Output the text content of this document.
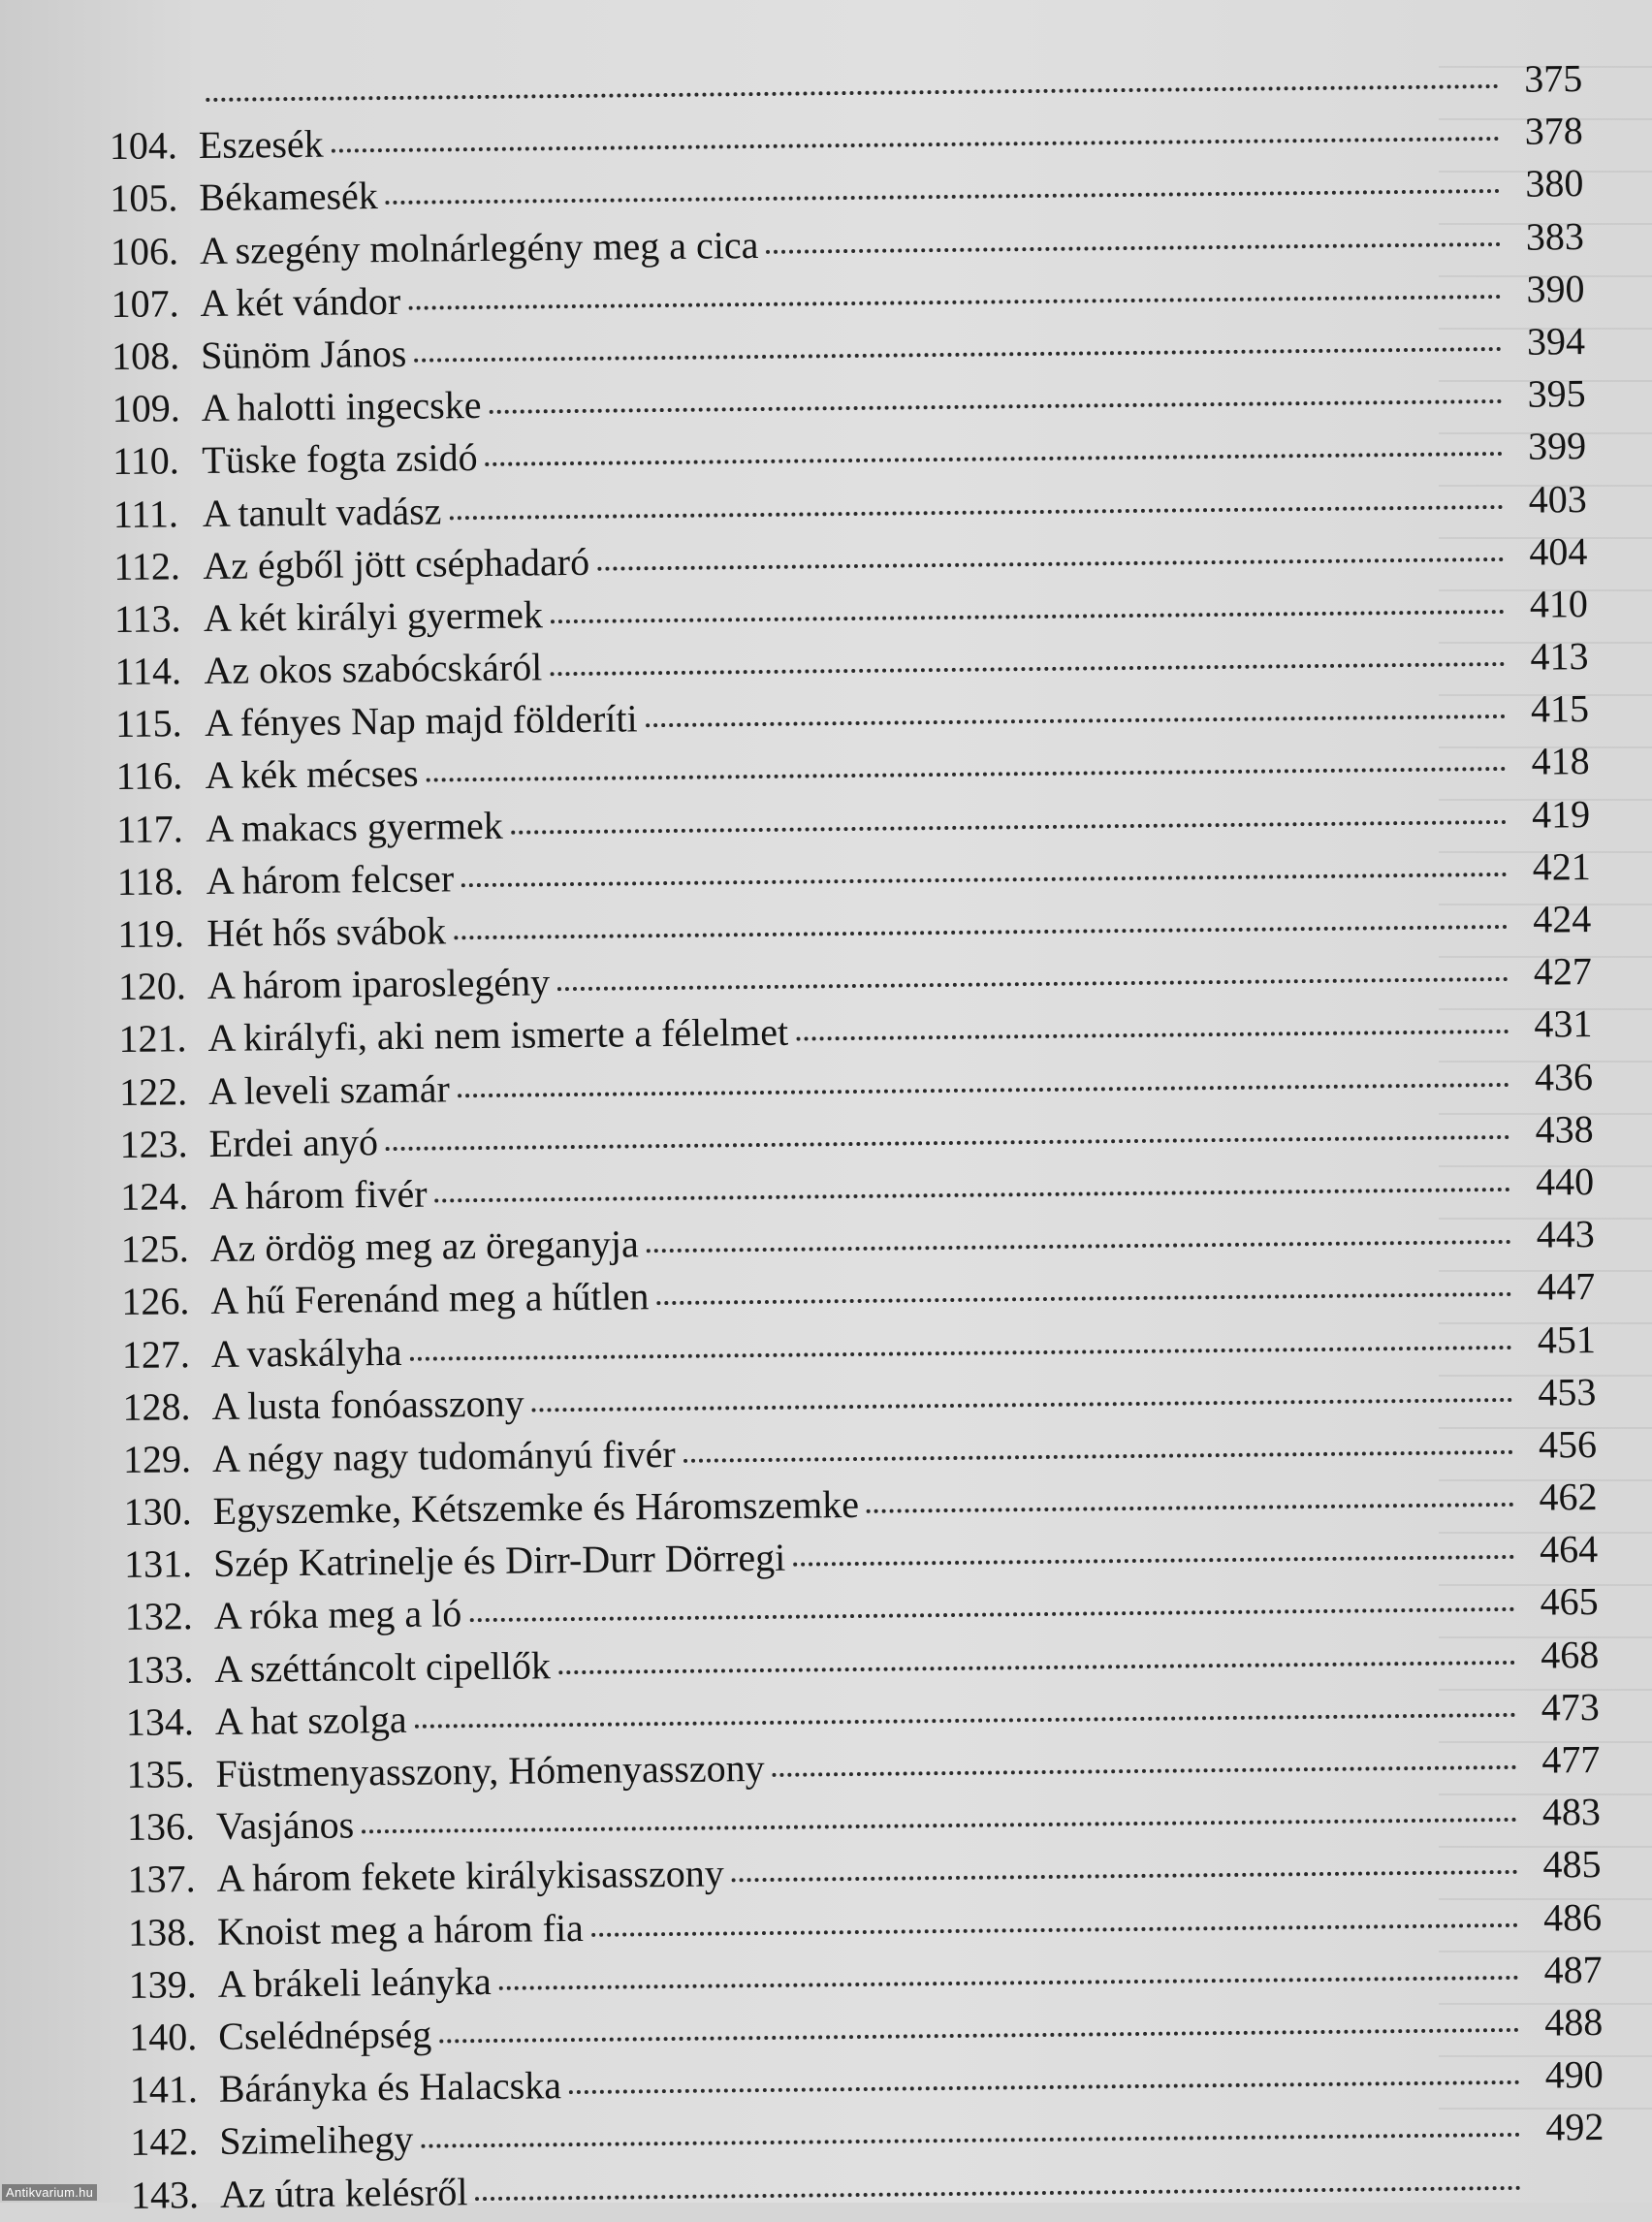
375
104. Eszesék	378
105. Békamesék	380
106. A szegény molnárlegény meg a cica	383
107. A két vándor	390
108. Sünöm János	394
109. A halotti ingecske	395
110. Tüske fogta zsidó	399
111. A tanult vadász	403
112. Az égből jött cséphadaró	404
113. A két királyi gyermek	410
114. Az okos szabócskáról	413
115. A fényes Nap majd földeríti	415
116. A kék mécses	418
117. A makacs gyermek	419
118. A három felcser	421
119. Hét hős svábok	424
120. A három iparoslegény	427
121. A királyfi, aki nem ismerte a félelmet	431
122. A leveli szamár	436
123. Erdei anyó	438
124. A három fivér	440
125. Az ördög meg az öreganyja	443
126. A hű Ferenánd meg a hűtlen	447
127. A vaskályha	451
128. A lusta fonóasszony	453
129. A négy nagy tudományú fivér	456
130. Egyszemke, Kétszemke és Háromszemke	462
131. Szép Katrinelje és Dirr-Durr Dörregi	464
132. A róka meg a ló	465
133. A széttáncolt cipellők	468
134. A hat szolga	473
135. Füstmenyasszony, Hómenyasszony	477
136. Vasjános	483
137. A három fekete királykisasszony	485
138. Knoist meg a három fia	486
139. A brákeli leányka	487
140. Cselédnépség	488
141. Báránykа és Halacska	490
142. Szimelihegy	492
143. Az útra kelésről
Antikvarium.hu
